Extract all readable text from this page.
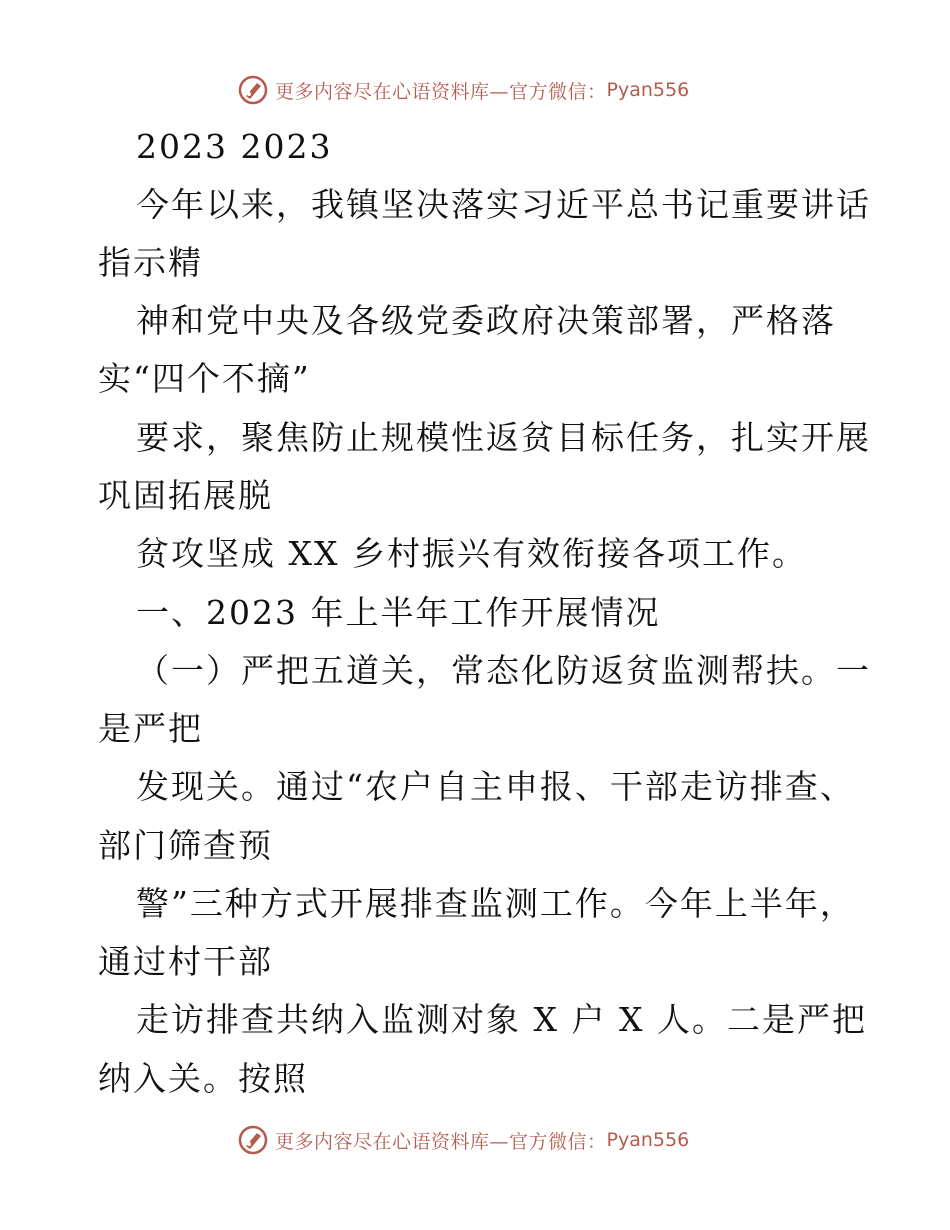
更多内容尽在心语资料库—官方微信： Pyan556
2023 2023
今年以来，我镇坚决落实习近平总书记重要讲话
指示精
神和党中央及各级党委政府决策部署，严格落
实“四个不摘”
要求，聚焦防止规模性返贫目标任务，扎实开展
巩固拓展脱
贫攻坚成 XX 乡村振兴有效衔接各项工作。
一、2023 年上半年工作开展情况
（一）严把五道关，常态化防返贫监测帮扶。一
是严把
发现关。通过“农户自主申报、干部走访排查、
部门筛查预
警”三种方式开展排查监测工作。今年上半年，
通过村干部
走访排查共纳入监测对象 X 户 X 人。二是严把
纳入关。按照
更多内容尽在心语资料库—官方微信： Pyan556
